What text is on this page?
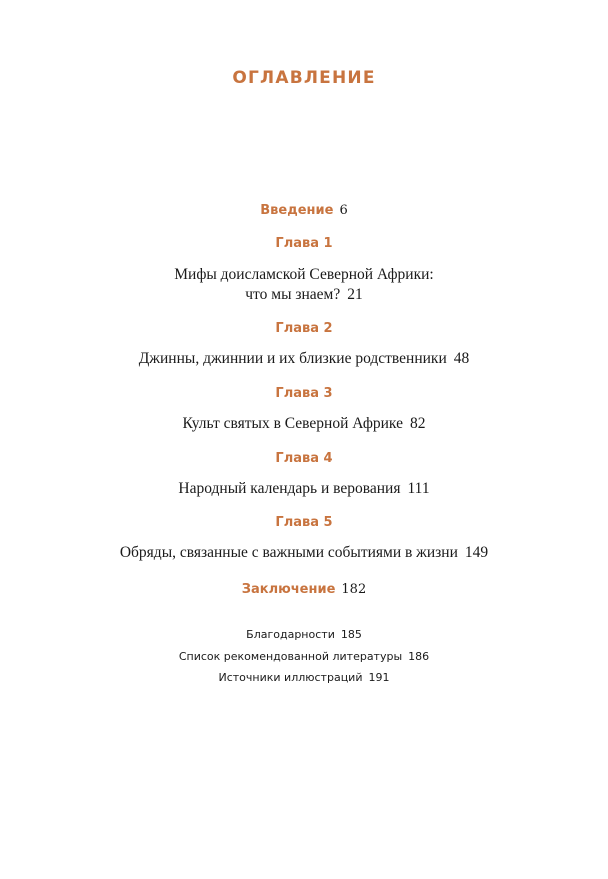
ОГЛАВЛЕНИЕ
Введение 6
Глава 1
Мифы доисламской Северной Африки:
что мы знаем? 21
Глава 2
Джинны, джиннии и их близкие родственники 48
Глава 3
Культ святых в Северной Африке 82
Глава 4
Народный календарь и верования 111
Глава 5
Обряды, связанные с важными событиями в жизни 149
Заключение 182
Благодарности 185
Список рекомендованной литературы 186
Источники иллюстраций 191
